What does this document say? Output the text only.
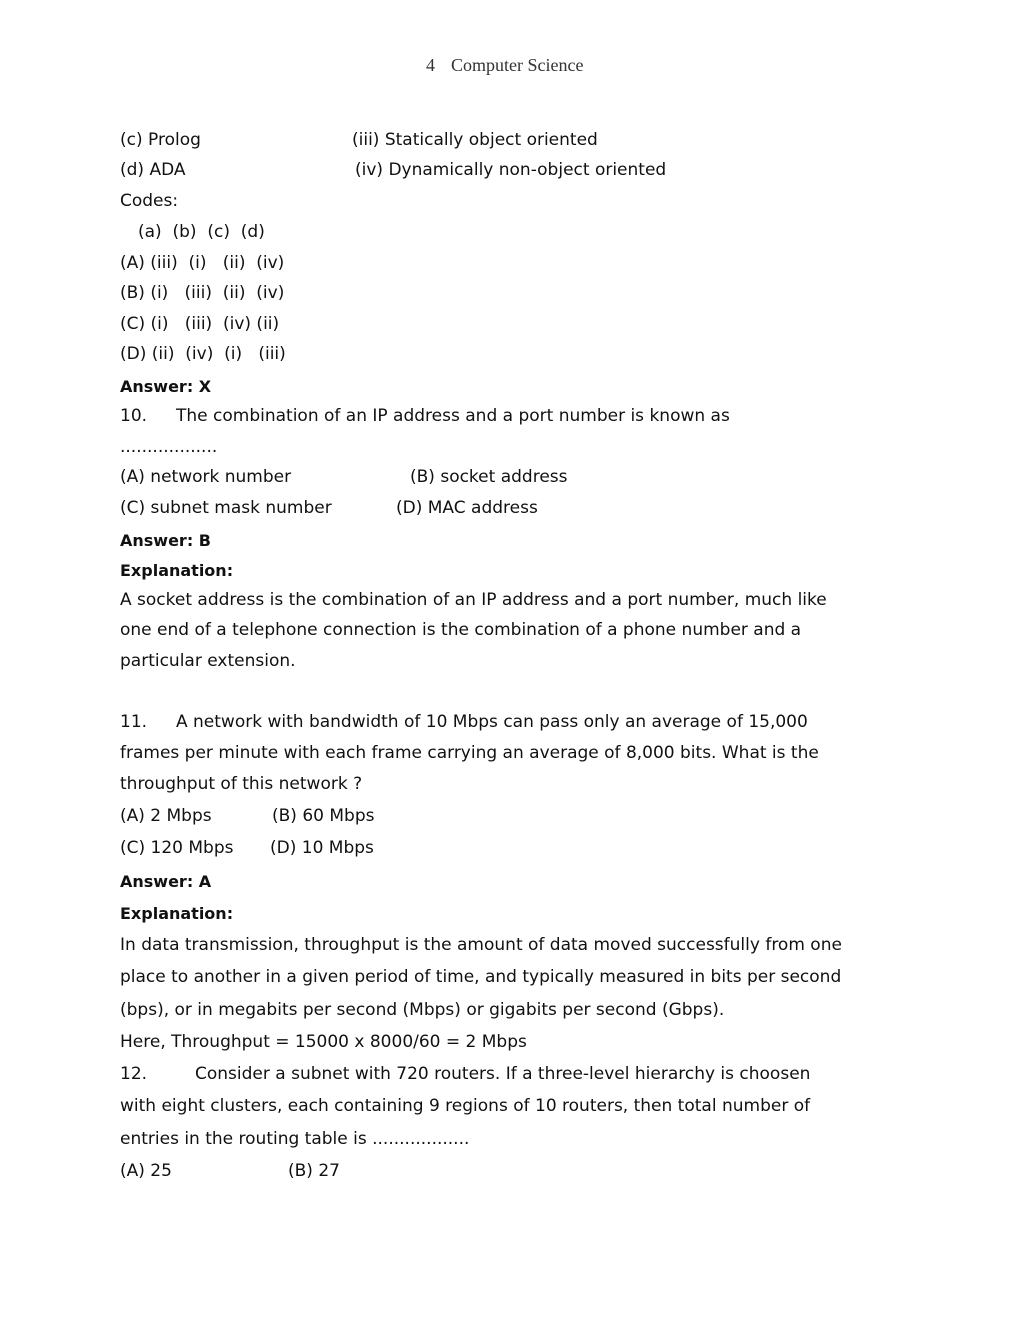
4 Computer Science
(c) Prolog	(iii) Statically object oriented
(d) ADA	(iv) Dynamically non-object oriented
Codes:
(a)  (b)  (c)  (d)
(A) (iii)  (i)   (ii)  (iv)
(B) (i)   (iii)  (ii)  (iv)
(C) (i)   (iii)  (iv) (ii)
(D) (ii)  (iv)  (i)   (iii)
Answer: X
10. The combination of an IP address and a port number is known as
..................
(A) network number	(B) socket address
(C) subnet mask number	(D) MAC address
Answer: B
Explanation:
A socket address is the combination of an IP address and a port number, much like
one end of a telephone connection is the combination of a phone number and a
particular extension.
11. A network with bandwidth of 10 Mbps can pass only an average of 15,000
frames per minute with each frame carrying an average of 8,000 bits. What is the
throughput of this network ?
(A) 2 Mbps	(B) 60 Mbps
(C) 120 Mbps (D) 10 Mbps
Answer: A
Explanation:
In data transmission, throughput is the amount of data moved successfully from one
place to another in a given period of time, and typically measured in bits per second
(bps), or in megabits per second (Mbps) or gigabits per second (Gbps).
Here, Throughput = 15000 x 8000/60 = 2 Mbps
12.	Consider a subnet with 720 routers. If a three-level hierarchy is choosen
with eight clusters, each containing 9 regions of 10 routers, then total number of
entries in the routing table is ..................
(A) 25	(B) 27
